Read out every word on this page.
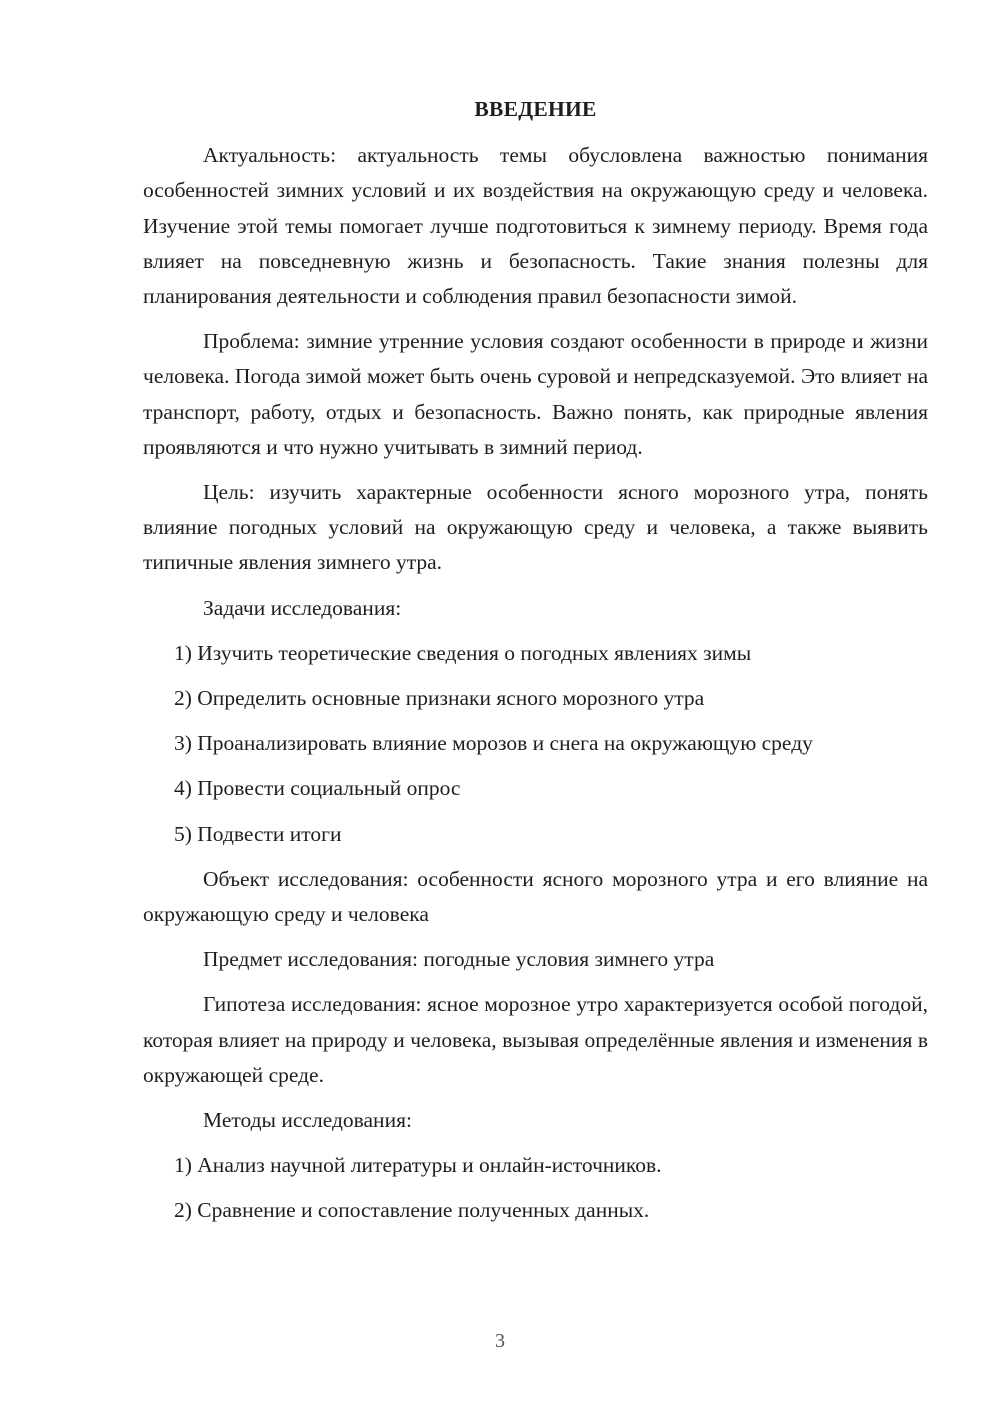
ВВЕДЕНИЕ

Актуальность: актуальность темы обусловлена важностью понимания особенностей зимних условий и их воздействия на окружающую среду и человека. Изучение этой темы помогает лучше подготовиться к зимнему периоду. Время года влияет на повседневную жизнь и безопасность. Такие знания полезны для планирования деятельности и соблюдения правил безопасности зимой.

Проблема: зимние утренние условия создают особенности в природе и жизни человека. Погода зимой может быть очень суровой и непредсказуемой. Это влияет на транспорт, работу, отдых и безопасность. Важно понять, как природные явления проявляются и что нужно учитывать в зимний период.

Цель: изучить характерные особенности ясного морозного утра, понять влияние погодных условий на окружающую среду и человека, а также выявить типичные явления зимнего утра.

Задачи исследования:

1) Изучить теоретические сведения о погодных явлениях зимы

2) Определить основные признаки ясного морозного утра

3) Проанализировать влияние морозов и снега на окружающую среду

4) Провести социальный опрос

5) Подвести итоги

Объект исследования: особенности ясного морозного утра и его влияние на окружающую среду и человека

Предмет исследования: погодные условия зимнего утра

Гипотеза исследования: ясное морозное утро характеризуется особой погодой, которая влияет на природу и человека, вызывая определённые явления и изменения в окружающей среде.

Методы исследования:

1) Анализ научной литературы и онлайн-источников.

2) Сравнение и сопоставление полученных данных.

3
